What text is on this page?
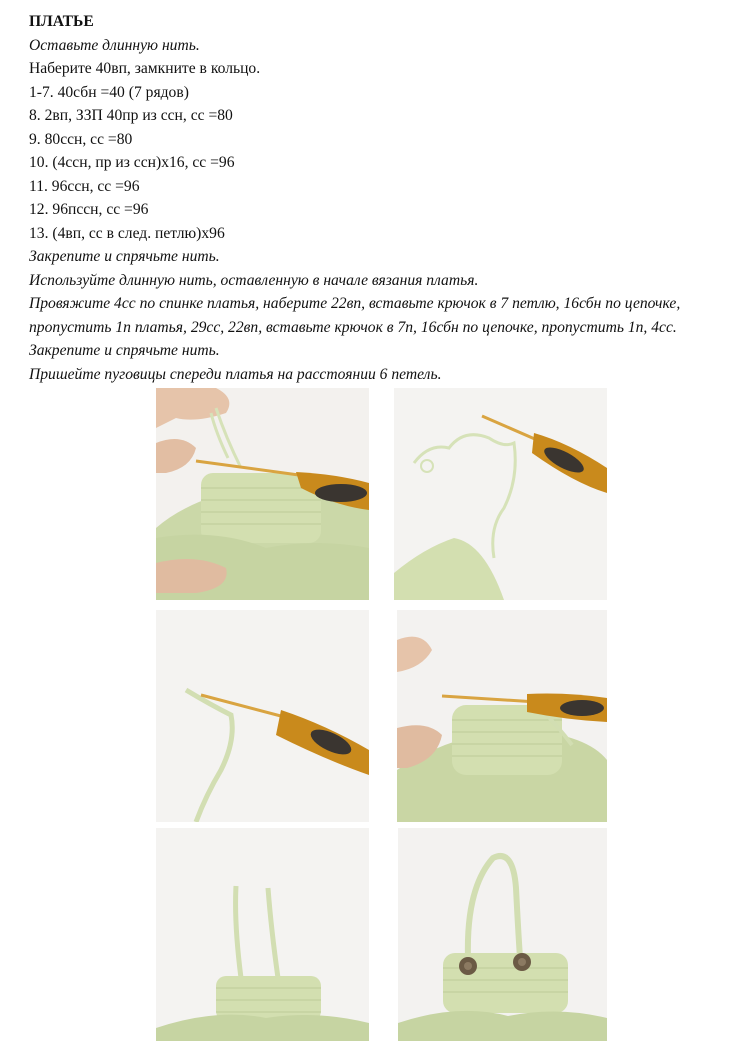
ПЛАТЬЕ
Оставьте длинную нить.
Наберите 40вп, замкните в кольцо.
1-7. 40сбн =40 (7 рядов)
8. 2вп, ЗЗП 40пр из ссн, сс =80
9. 80ссн, сс =80
10. (4ссн, пр из ссн)х16, сс =96
11. 96ссн, сс =96
12. 96пссн, сс =96
13. (4вп, сс в след. петлю)х96
Закрепите и спрячьте нить.
Используйте длинную нить, оставленную в начале вязания платья.
Провяжите 4сс по спинке платья, наберите 22вп, вставьте крючок в 7 петлю, 16сбн по цепочке,
пропустить 1п платья, 29сс, 22вп, вставьте крючок в 7п, 16сбн по цепочке, пропустить 1п, 4сс.
Закрепите и спрячьте нить.
Пришейте пуговицы спереди платья на расстоянии 6 петель.
